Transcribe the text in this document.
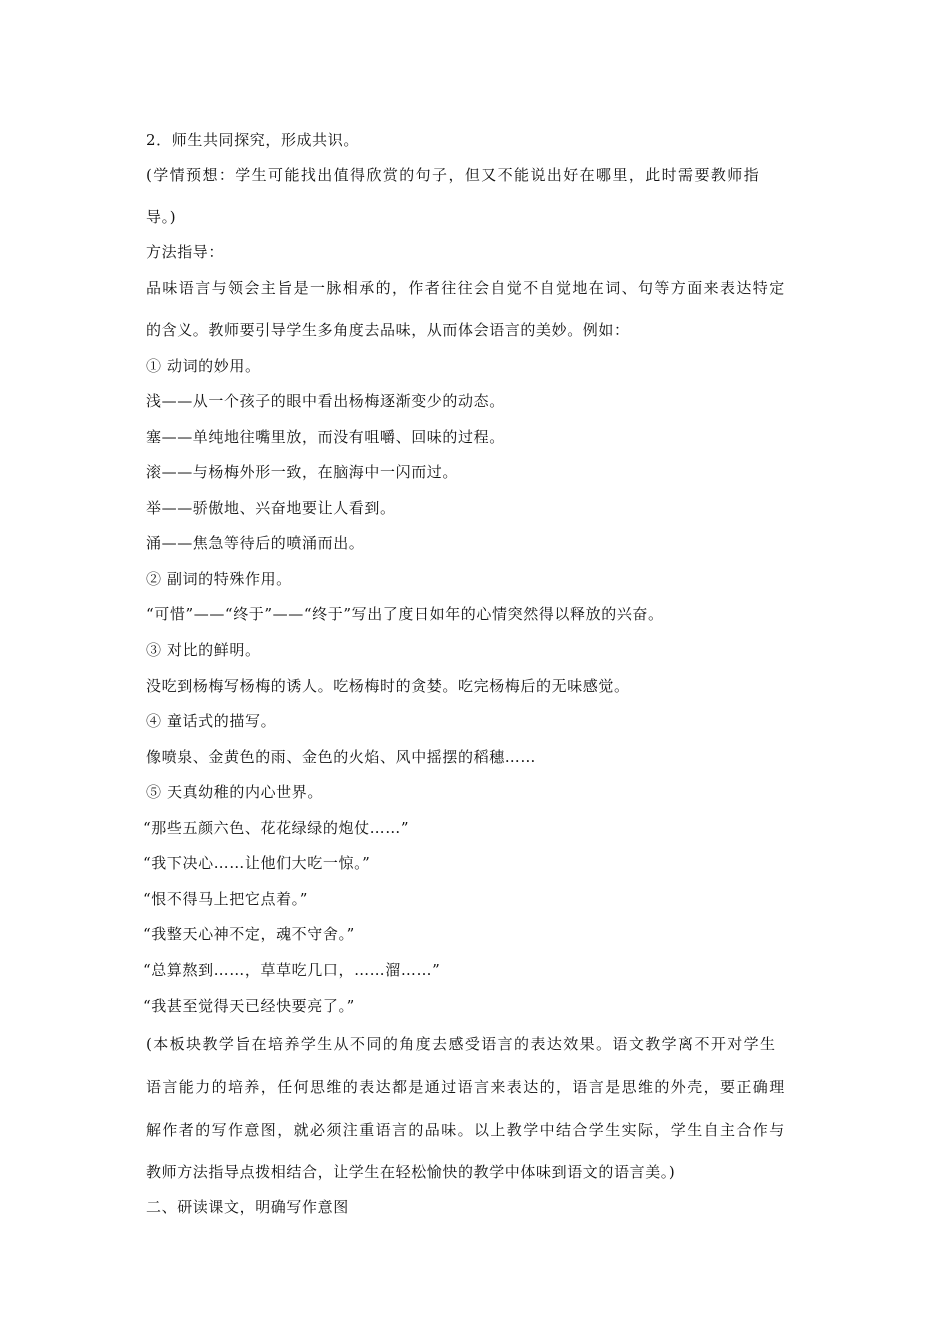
2．师生共同探究，形成共识。
(学情预想：学生可能找出值得欣赏的句子，但又不能说出好在哪里，此时需要教师指
导。)
方法指导：
品味语言与领会主旨是一脉相承的，作者往往会自觉不自觉地在词、句等方面来表达特定
的含义。教师要引导学生多角度去品味，从而体会语言的美妙。例如：
① 动词的妙用。
浅——从一个孩子的眼中看出杨梅逐渐变少的动态。
塞——单纯地往嘴里放，而没有咀嚼、回味的过程。
滚——与杨梅外形一致，在脑海中一闪而过。
举——骄傲地、兴奋地要让人看到。
涌——焦急等待后的喷涌而出。
② 副词的特殊作用。
“可惜”——“终于”——“终于”写出了度日如年的心情突然得以释放的兴奋。
③ 对比的鲜明。
没吃到杨梅写杨梅的诱人。吃杨梅时的贪婪。吃完杨梅后的无味感觉。
④ 童话式的描写。
像喷泉、金黄色的雨、金色的火焰、风中摇摆的稻穗……
⑤ 天真幼稚的内心世界。
“那些五颜六色、花花绿绿的炮仗……”
“我下决心……让他们大吃一惊。”
“恨不得马上把它点着。”
“我整天心神不定，魂不守舍。”
“总算熬到……，草草吃几口，……溜……”
“我甚至觉得天已经快要亮了。”
(本板块教学旨在培养学生从不同的角度去感受语言的表达效果。语文教学离不开对学生
语言能力的培养，任何思维的表达都是通过语言来表达的，语言是思维的外壳，要正确理
解作者的写作意图，就必须注重语言的品味。以上教学中结合学生实际，学生自主合作与
教师方法指导点拨相结合，让学生在轻松愉快的教学中体味到语文的语言美。)
二、研读课文，明确写作意图
